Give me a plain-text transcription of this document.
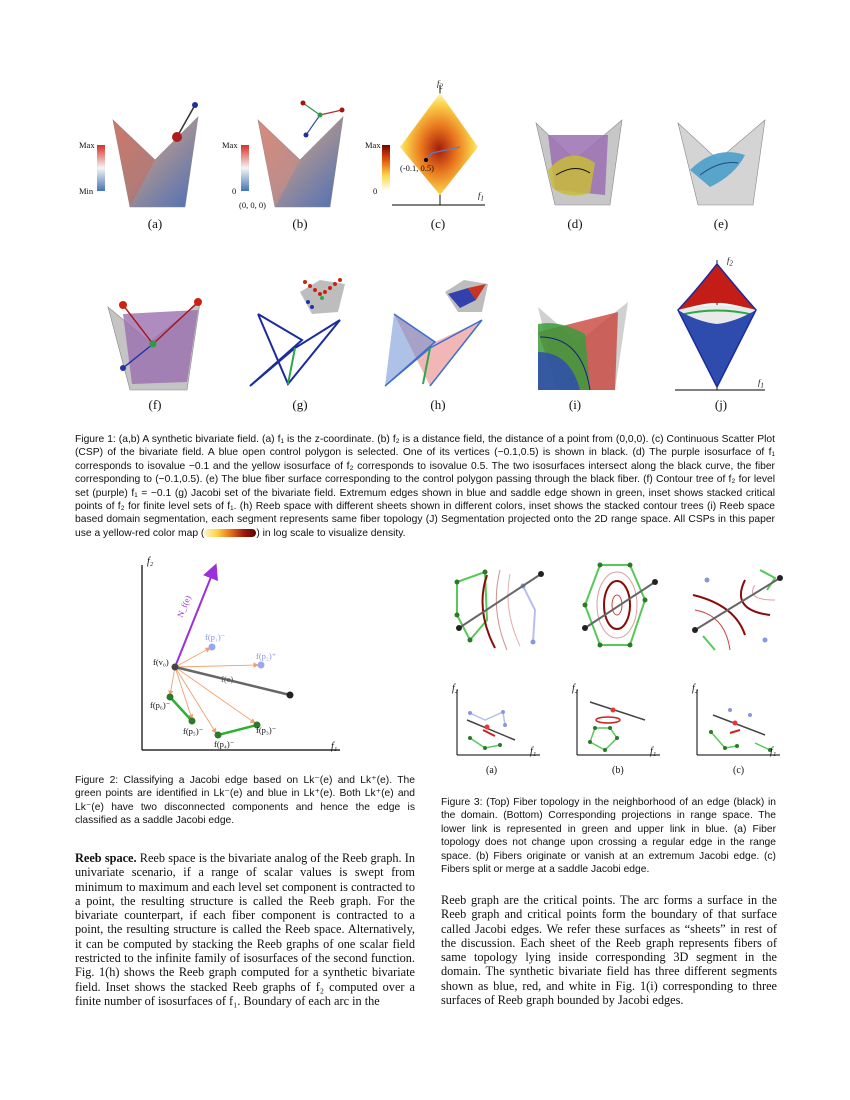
Max
Min
Max
0
(0, 0, 0)
Max
0
(-0.1, 0.5)
$f_2$
$f_1$
(a)	(b)	(c)	(d)	(e)
$f_2$
$f_1$
(f)	(g)	(h)	(i)	(j)
Figure 1: (a,b) A synthetic bivariate field. (a) f₁ is the z-coordinate. (b) f₂ is a distance field, the distance of a point from (0,0,0). (c) Continuous Scatter Plot (CSP) of the bivariate field. A blue open control polygon is selected. One of its vertices (−0.1,0.5) is shown in black. (d) The purple isosurface of f₁ corresponds to isovalue −0.1 and the yellow isosurface of f₂ corresponds to isovalue 0.5. The two isosurfaces intersect along the black curve, the fiber corresponding to (−0.1,0.5). (e) The blue fiber surface corresponding to the control polygon passing through the black fiber. (f) Contour tree of f₂ for level set (purple) f₁ = −0.1 (g) Jacobi set of the bivariate field. Extremum edges shown in blue and saddle edge shown in green, inset shows stacked critical points of f₂ for finite level sets of f₁. (h) Reeb space with different sheets shown in different colors, inset shows the stacked contour trees (i) Reeb space based domain segmentation, each segment represents same fiber topology (J) Segmentation projected onto the 2D range space. All CSPs in this paper use a yellow-red color map (	) in log scale to visualize density.
f₂
f₁
f(v₀)
N_f(e)
f(p₁)⁻
f(p₂)⁺
f(e)
f(p₆)⁻
f(p₅)⁻
f(p₄)⁻
f(p₃)⁻
Figure 2: Classifying a Jacobi edge based on Lk⁻(e) and Lk⁺(e). The green points are identified in Lk⁻(e) and blue in Lk⁺(e). Both Lk⁺(e) and Lk⁻(e) have two disconnected components and hence the edge is classified as a saddle Jacobi edge.
f₂
f₁
f₂
f₁
f₂
f₁
(a)	(b)	(c)
Figure 3: (Top) Fiber topology in the neighborhood of an edge (black) in the domain. (Bottom) Corresponding projections in range space. The lower link is represented in green and upper link in blue. (a) Fiber topology does not change upon crossing a regular edge in the range space. (b) Fibers originate or vanish at an extremum Jacobi edge. (c) Fibers split or merge at a saddle Jacobi edge.
Reeb space. Reeb space is the bivariate analog of the Reeb graph. In univariate scenario, if a range of scalar values is swept from minimum to maximum and each level set component is contracted to a point, the resulting structure is called the Reeb graph. For the bivariate counterpart, if each fiber component is contracted to a point, the resulting structure is called the Reeb space. Alternatively, it can be computed by stacking the Reeb graphs of one scalar field restricted to the infinite family of isosurfaces of the second function. Fig. 1(h) shows the Reeb graph computed for a synthetic bivariate field. Inset shows the stacked Reeb graphs of f₂ computed over a finite number of isosurfaces of f₁. Boundary of each arc in the
Reeb graph are the critical points. The arc forms a surface in the Reeb graph and critical points form the boundary of that surface called Jacobi edges. We refer these surfaces as “sheets” in rest of the discussion. Each sheet of the Reeb graph represents fibers of same topology lying inside corresponding 3D segment in the domain. The synthetic bivariate field has three different segments shown as blue, red, and white in Fig. 1(i) corresponding to three surfaces of Reeb graph bounded by Jacobi edges.
